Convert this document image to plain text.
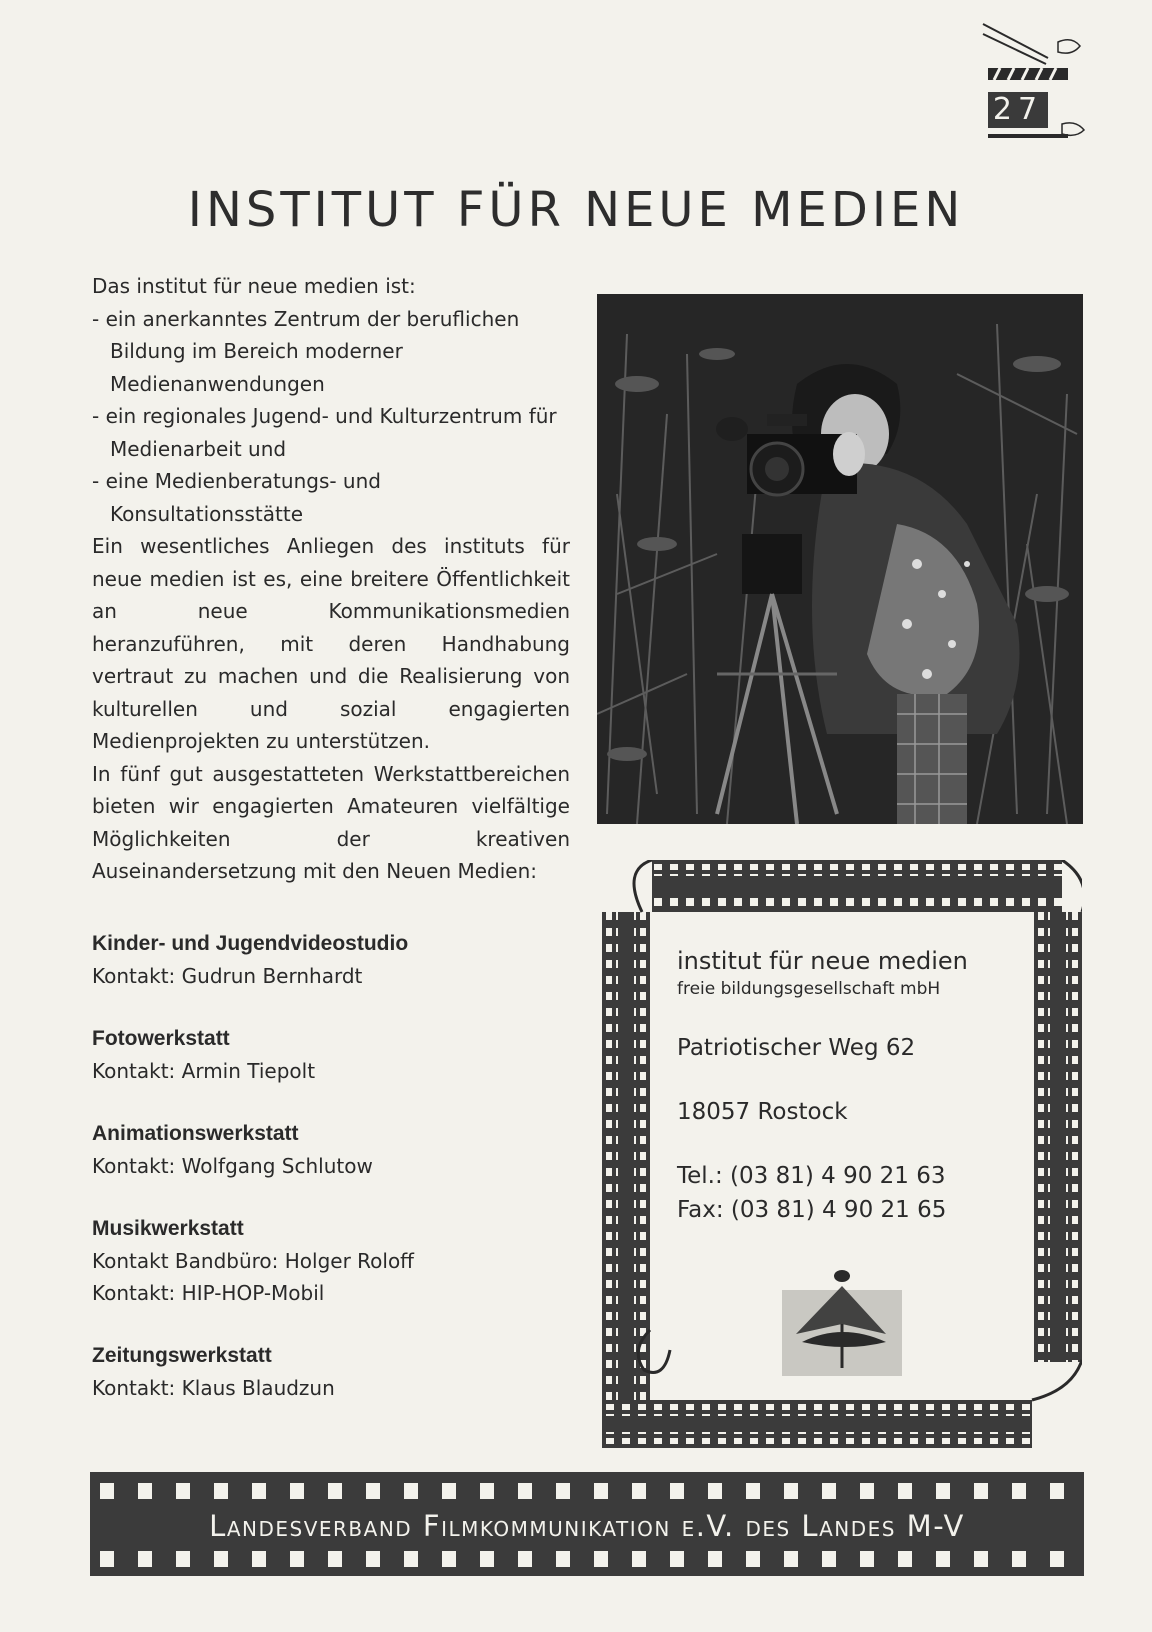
27
INSTITUT FÜR NEUE MEDIEN

Das institut für neue medien ist:

- ein anerkanntes Zentrum der beruflichen Bildung im Bereich moderner Medienanwendungen
- ein regionales Jugend- und Kulturzentrum für Medienarbeit und
- eine Medienberatungs- und Konsultationsstätte

Ein wesentliches Anliegen des instituts für neue medien ist es, eine breitere Öffentlichkeit an neue Kommunikationsmedien heranzuführen, mit deren Handhabung vertraut zu machen und die Realisierung von kulturellen und sozial engagierten Medienprojekten zu unterstützen.

In fünf gut ausgestatteten Werkstattbereichen bieten wir engagierten Amateuren vielfältige Möglichkeiten der kreativen Auseinandersetzung mit den Neuen Medien:

Kinder- und Jugendvideostudio
Kontakt: Gudrun Bernhardt
Fotowerkstatt
Kontakt: Armin Tiepolt
Animationswerkstatt
Kontakt: Wolfgang Schlutow
Musikwerkstatt
Kontakt Bandbüro: Holger Roloff
Kontakt: HIP-HOP-Mobil
Zeitungswerkstatt
Kontakt: Klaus Blaudzun
institut für neue medien
freie bildungsgesellschaft mbH
Patriotischer Weg 62
18057 Rostock
Tel.: (03 81) 4 90 21 63
Fax: (03 81) 4 90 21 65
Landesverband Filmkommunikation e.V. des Landes M-V
